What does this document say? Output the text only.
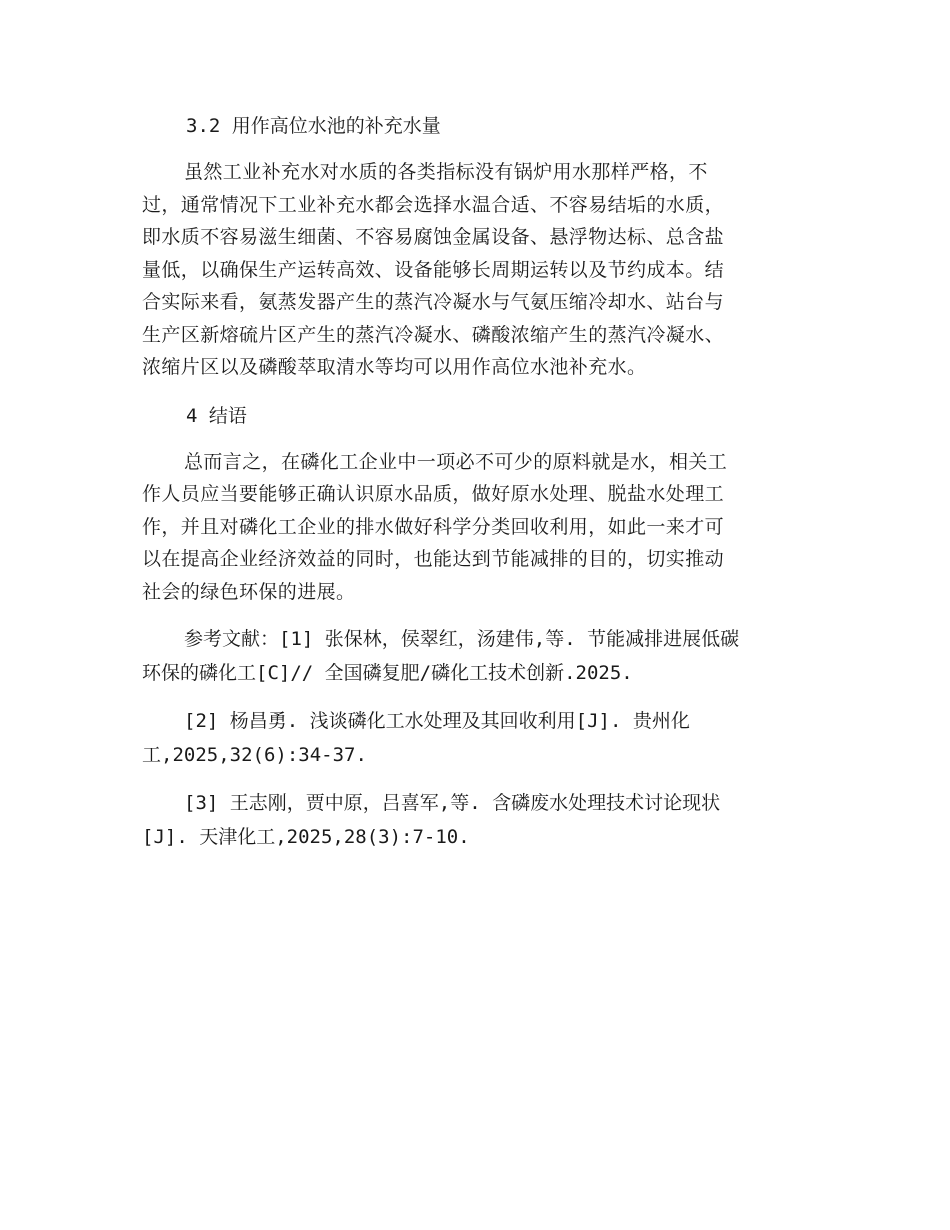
3.2 用作高位水池的补充水量
虽然工业补充水对水质的各类指标没有锅炉用水那样严格，不
过，通常情况下工业补充水都会选择水温合适、不容易结垢的水质，
即水质不容易滋生细菌、不容易腐蚀金属设备、悬浮物达标、总含盐
量低，以确保生产运转高效、设备能够长周期运转以及节约成本。结
合实际来看，氨蒸发器产生的蒸汽冷凝水与气氨压缩冷却水、站台与
生产区新熔硫片区产生的蒸汽冷凝水、磷酸浓缩产生的蒸汽冷凝水、
浓缩片区以及磷酸萃取清水等均可以用作高位水池补充水。
4 结语
总而言之，在磷化工企业中一项必不可少的原料就是水，相关工
作人员应当要能够正确认识原水品质，做好原水处理、脱盐水处理工
作，并且对磷化工企业的排水做好科学分类回收利用，如此一来才可
以在提高企业经济效益的同时，也能达到节能减排的目的，切实推动
社会的绿色环保的进展。
参考文献：[1] 张保林，侯翠红，汤建伟,等. 节能减排进展低碳
环保的磷化工[C]// 全国磷复肥/磷化工技术创新.2025.
[2] 杨昌勇. 浅谈磷化工水处理及其回收利用[J]. 贵州化
工,2025,32(6):34-37.
[3] 王志刚，贾中原，吕喜军,等. 含磷废水处理技术讨论现状
[J]. 天津化工,2025,28(3):7-10.
